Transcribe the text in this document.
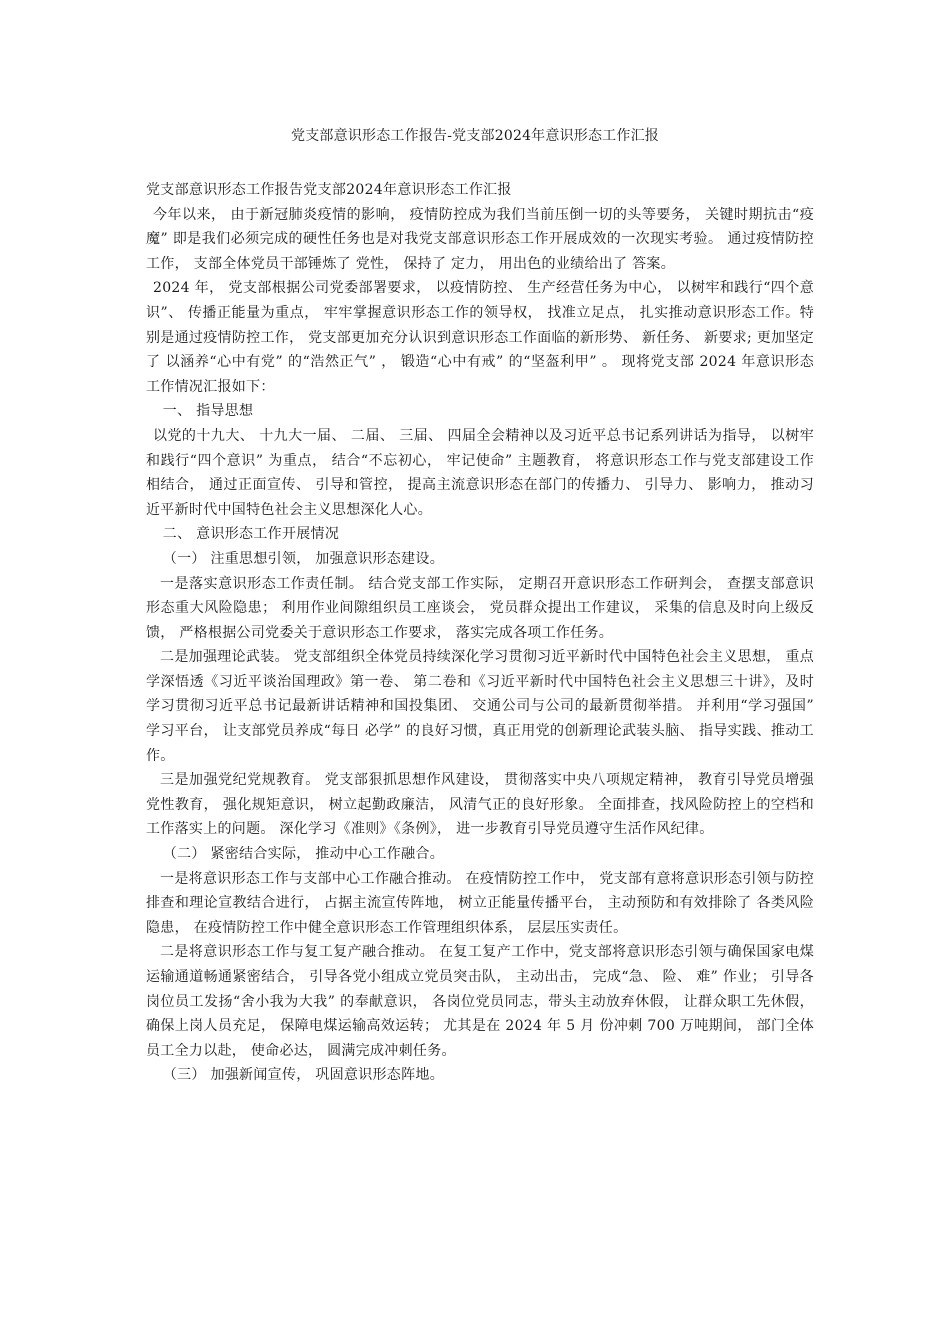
党支部意识形态工作报告-党支部2024年意识形态工作汇报

党支部意识形态工作报告党支部2024年意识形态工作汇报

今年以来， 由于新冠肺炎疫情的影响， 疫情防控成为我们当前压倒一切的头等要务， 关键时期抗击“疫魔” 即是我们必须完成的硬性任务也是对我党支部意识形态工作开展成效的一次现实考验。 通过疫情防控工作， 支部全体党员干部锤炼了 党性， 保持了 定力， 用出色的业绩给出了 答案。

2024 年， 党支部根据公司党委部署要求， 以疫情防控、 生产经营任务为中心， 以树牢和践行“四个意识”、 传播正能量为重点， 牢牢掌握意识形态工作的领导权， 找准立足点， 扎实推动意识形态工作。特别是通过疫情防控工作， 党支部更加充分认识到意识形态工作面临的新形势、 新任务、 新要求; 更加坚定了 以涵养“心中有党” 的“浩然正气” ， 锻造“心中有戒” 的“坚盔利甲” 。 现将党支部 2024 年意识形态工作情况汇报如下：

一、 指导思想

以党的十九大、 十九大一届、 二届、 三届、 四届全会精神以及习近平总书记系列讲话为指导， 以树牢和践行“四个意识” 为重点， 结合“不忘初心， 牢记使命” 主题教育， 将意识形态工作与党支部建设工作相结合， 通过正面宣传、 引导和管控， 提高主流意识形态在部门的传播力、 引导力、 影响力， 推动习近平新时代中国特色社会主义思想深化人心。

二、 意识形态工作开展情况

（一） 注重思想引领， 加强意识形态建设。

一是落实意识形态工作责任制。 结合党支部工作实际， 定期召开意识形态工作研判会， 查摆支部意识形态重大风险隐患； 利用作业间隙组织员工座谈会， 党员群众提出工作建议， 采集的信息及时向上级反馈， 严格根据公司党委关于意识形态工作要求， 落实完成各项工作任务。

二是加强理论武装。 党支部组织全体党员持续深化学习贯彻习近平新时代中国特色社会主义思想， 重点学深悟透《习近平谈治国理政》第一卷、 第二卷和《习近平新时代中国特色社会主义思想三十讲》，及时学习贯彻习近平总书记最新讲话精神和国投集团、 交通公司与公司的最新贯彻举措。 并利用“学习强国” 学习平台， 让支部党员养成“每日 必学” 的良好习惯，真正用党的创新理论武装头脑、 指导实践、推动工作。

三是加强党纪党规教育。 党支部狠抓思想作风建设， 贯彻落实中央八项规定精神， 教育引导党员增强党性教育， 强化规矩意识， 树立起勤政廉洁， 风清气正的良好形象。 全面排查，找风险防控上的空档和工作落实上的问题。 深化学习《准则》《条例》， 进一步教育引导党员遵守生活作风纪律。

（二） 紧密结合实际， 推动中心工作融合。

一是将意识形态工作与支部中心工作融合推动。 在疫情防控工作中， 党支部有意将意识形态引领与防控排查和理论宣教结合进行， 占据主流宣传阵地， 树立正能量传播平台， 主动预防和有效排除了 各类风险隐患， 在疫情防控工作中健全意识形态工作管理组织体系， 层层压实责任。

二是将意识形态工作与复工复产融合推动。 在复工复产工作中，党支部将意识形态引领与确保国家电煤运输通道畅通紧密结合， 引导各党小组成立党员突击队， 主动出击， 完成“急、 险、 难” 作业； 引导各岗位员工发扬“舍小我为大我” 的奉献意识， 各岗位党员同志，带头主动放弃休假， 让群众职工先休假， 确保上岗人员充足， 保障电煤运输高效运转； 尤其是在 2024 年 5 月 份冲刺 700 万吨期间， 部门全体员工全力以赴， 使命必达， 圆满完成冲刺任务。

（三） 加强新闻宣传， 巩固意识形态阵地。
